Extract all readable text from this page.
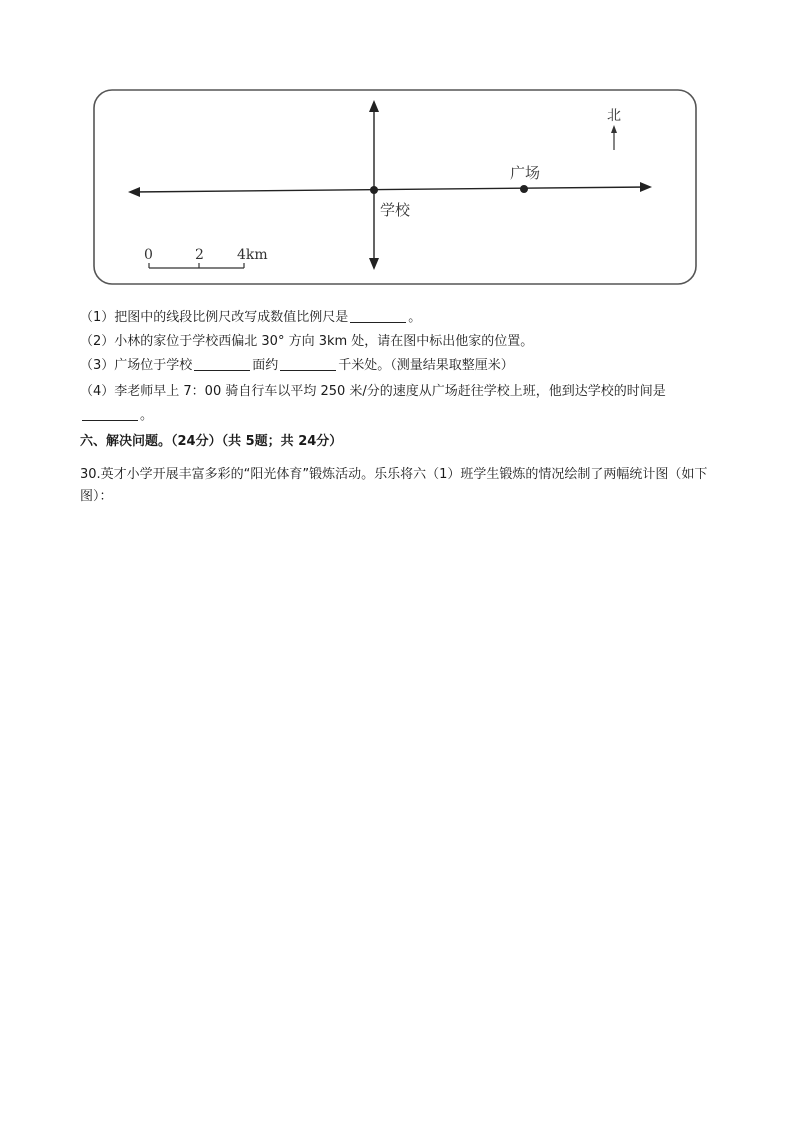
广场
学校
北
0	2 4km
（1）把图中的线段比例尺改写成数值比例尺是	。
（2）小林的家位于学校西偏北 30° 方向 3km 处，请在图中标出他家的位置。
（3）广场位于学校	面约	千米处。（测量结果取整厘米）
（4）李老师早上 7：00 骑自行车以平均 250 米/分的速度从广场赶往学校上班，他到达学校的时间是
。
六、解决问题。（24分）（共 5题；共 24分）
30.英才小学开展丰富多彩的“阳光体育”锻炼活动。乐乐将六（1）班学生锻炼的情况绘制了两幅统计图（如下图）：
